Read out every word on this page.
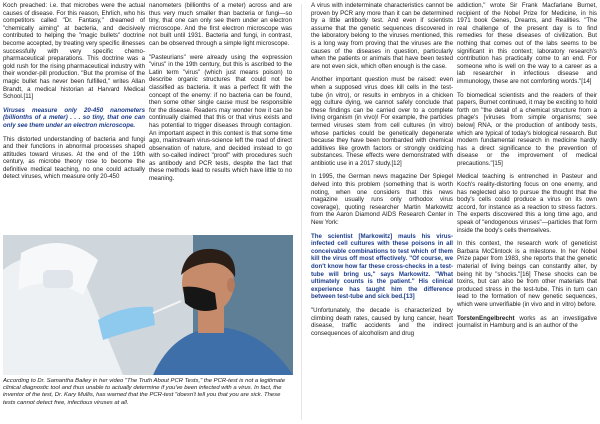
Koch preached: i.e. that microbes were the actual causes of disease. For this reason, Ehrlich, who his competitors called "Dr. Fantasy," dreamed of "chemically aiming" at bacteria, and decisively contributed to helping the "magic bullets" doctrine become accepted, by treating very specific illnesses successfully with very specific chemo-pharmaceutical preparations. This doctrine was a gold rush for the rising pharmaceutical industry with their wonder-pill production. "But the promise of the magic bullet has never been fulfilled," writes Allan Brandt, a medical historian at Harvard Medical School.[11]

Viruses measure only 20-450 nanometers (billionths of a meter) . . . so tiny, that one can only see them under an electron microscope.

This distorted understanding of bacteria and fungi and their functions in abnormal processes shaped attitudes toward viruses. At the end of the 19th century, as microbe theory rose to become the definitive medical teaching, no one could actually detect viruses, which measure only 20-450

nanometers (billionths of a meter) across and are thus very much smaller than bacteria or fungi—so tiny, that one can only see them under an electron microscope. And the first electron microscope was not built until 1931. Bacteria and fungi, in contrast, can be observed through a simple light microscope.

"Pasteurians" were already using the expression "virus" in the 19th century, but this is ascribed to the Latin term "virus" (which just means poison) to describe organic structures that could not be classified as bacteria. It was a perfect fit with the concept of the enemy: if no bacteria can be found, then some other single cause must be responsible for the disease. Readers may wonder how it can be continually claimed that this or that virus exists and has potential to trigger diseases through contagion. An important aspect in this context is that some time ago, mainstream virus-science left the road of direct observation of nature, and decided instead to go with so-called indirect "proof" with procedures such as antibody and PCR tests, despite the fact that these methods lead to results which have little to no meaning.

A virus with indeterminate characteristics cannot be proven by PCR any more than it can be determined by a little antibody test. And even if scientists assume that the genetic sequences discovered in the laboratory belong to the viruses mentioned, this is a long way from proving that the viruses are the causes of the diseases in question, particularly when the patients or animals that have been tested are not even sick, which often enough is the case.

Another important question must be raised: even when a supposed virus does kill cells in the test-tube (in vitro), or results in embryos in a chicken egg culture dying, we cannot safely conclude that these findings can be carried over to a complete living organism (in vivo)! For example, the particles termed viruses stem from cell cultures (in vitro) whose particles could be genetically degenerate because they have been bombarded with chemical additives like growth factors or strongly oxidizing substances. These effects were demonstrated with antibiotic use in a 2017 study.[12]

In 1995, the German news magazine Der Spiegel delved into this problem (something that is worth noting, when one considers that this news magazine usually runs only orthodox virus coverage), quoting researcher Martin Markowitz from the Aaron Diamond AIDS Research Center in New York:

The scientist [Markowitz] mauls his virus-infected cell cultures with these poisons in all conceivable combinations to test which of them kill the virus off most effectively. "Of course, we don't know how far these cross-checks in a test-tube will bring us," says Markowitz. "What ultimately counts is the patient." His clinical experience has taught him the difference between test-tube and sick bed.[13]

"Unfortunately, the decade is characterized by climbing death rates, caused by lung cancer, heart disease, traffic accidents and the indirect consequences of alcoholism and drug

addiction," wrote Sir Frank Macfarlane Burnet, recipient of the Nobel Prize for Medicine, in his 1971 book Genes, Dreams, and Realities. "The real challenge of the present day is to find remedies for these diseases of civilization. But nothing that comes out of the labs seems to be significant in this context; laboratory research's contribution has practically come to an end. For someone who is well on the way to a career as a lab researcher in infectious disease and immunology, these are not comforting words."[14]

To biomedical scientists and the readers of their papers, Burnet continued, it may be exciting to hold forth on "the detail of a chemical structure from a phage's [viruses from simple organisms; see below] RNA, or the production of antibody tests, which are typical of today's biological research. But modern fundamental research in medicine hardly has a direct significance to the prevention of disease or the improvement of medical precautions."[15]

Medical teaching is entrenched in Pasteur and Koch's reality-distorting focus on one enemy, and has neglected also to pursue the thought that the body's cells could produce a virus on its own accord, for instance as a reaction to stress factors. The experts discovered this a long time ago, and speak of "endogenous viruses"—particles that form inside the body's cells themselves.

In this context, the research work of geneticist Barbara McClintock is a milestone. In her Nobel Prize paper from 1983, she reports that the genetic material of living beings can constantly alter, by being hit by "shocks."[16] These shocks can be toxins, but can also be from other materials that produced stress in the test-tube. This in turn can lead to the formation of new genetic sequences, which were unverifiable (in vivo and in vitro) before.

TorstenEngelbrecht works as an investigative journalist in Hamburg and is an author of the

According to Dr. Samantha Bailey in her video "The Truth About PCR Tests," the PCR-test is not a legitimate clinical diagnostic tool and thus unable to actually determine if you've been infected with a virus. In fact, the inventor of the test, Dr. Kary Mullis, has warned that the PCR-test "doesn't tell you that you are sick. These tests cannot detect free, infectious viruses at all.
